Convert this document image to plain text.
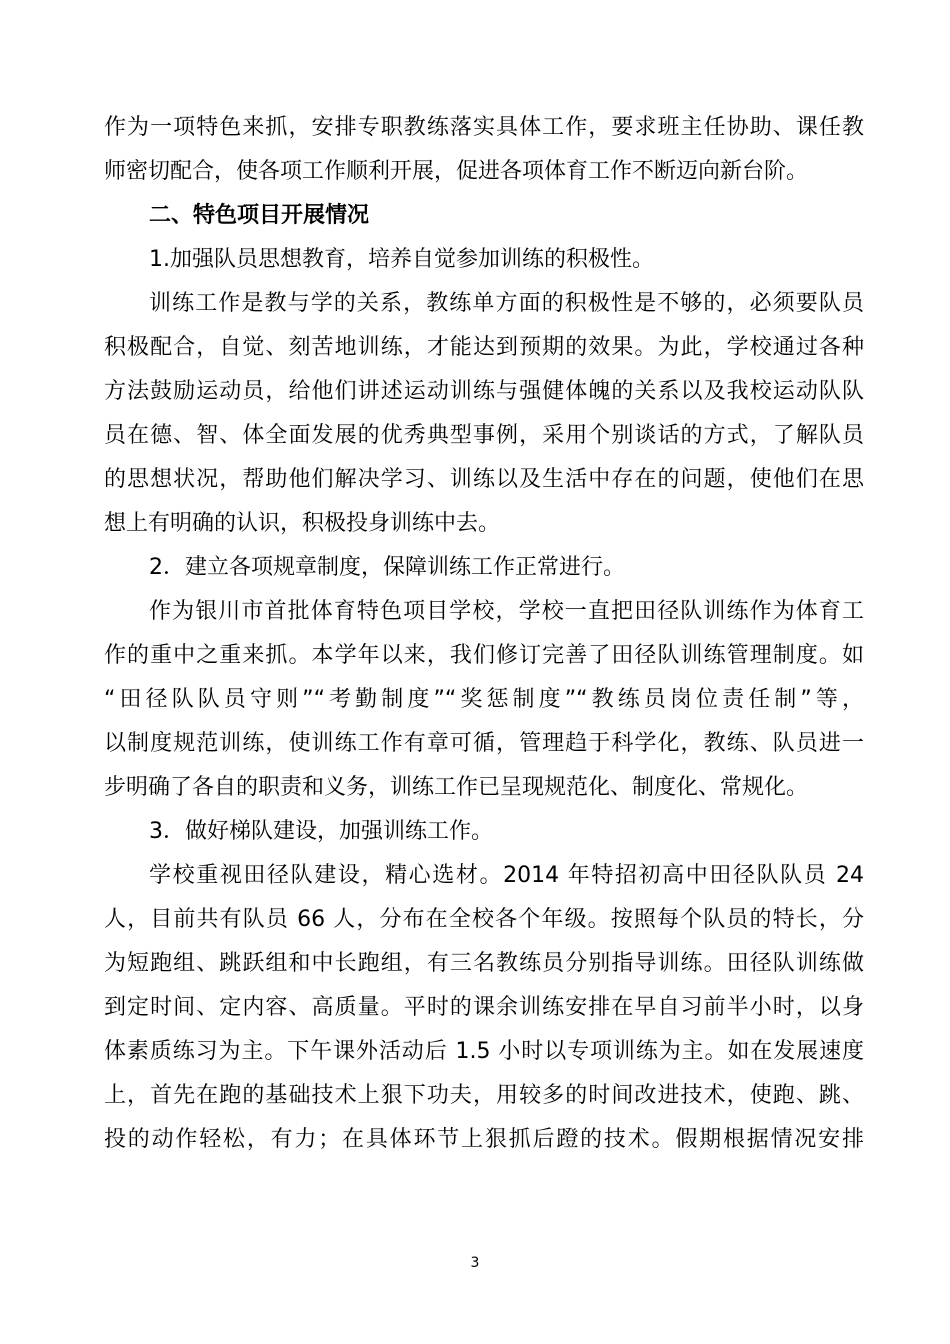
作为一项特色来抓，安排专职教练落实具体工作，要求班主任协助、课任教

师密切配合，使各项工作顺利开展，促进各项体育工作不断迈向新台阶。

二、特色项目开展情况

1.加强队员思想教育，培养自觉参加训练的积极性。

训练工作是教与学的关系，教练单方面的积极性是不够的，必须要队员

积极配合，自觉、刻苦地训练，才能达到预期的效果。为此，学校通过各种

方法鼓励运动员，给他们讲述运动训练与强健体魄的关系以及我校运动队队

员在德、智、体全面发展的优秀典型事例，采用个别谈话的方式，了解队员

的思想状况，帮助他们解决学习、训练以及生活中存在的问题，使他们在思

想上有明确的认识，积极投身训练中去。

2．建立各项规章制度，保障训练工作正常进行。

作为银川市首批体育特色项目学校，学校一直把田径队训练作为体育工

作的重中之重来抓。本学年以来，我们修订完善了田径队训练管理制度。如

“田径队队员守则”“考勤制度”“奖惩制度”“教练员岗位责任制”等，

以制度规范训练，使训练工作有章可循，管理趋于科学化，教练、队员进一

步明确了各自的职责和义务，训练工作已呈现规范化、制度化、常规化。

3．做好梯队建设，加强训练工作。

学校重视田径队建设，精心选材。2014 年特招初高中田径队队员 24

人，目前共有队员 66 人，分布在全校各个年级。按照每个队员的特长，分

为短跑组、跳跃组和中长跑组，有三名教练员分别指导训练。田径队训练做

到定时间、定内容、高质量。平时的课余训练安排在早自习前半小时，以身

体素质练习为主。下午课外活动后 1.5 小时以专项训练为主。如在发展速度

上，首先在跑的基础技术上狠下功夫，用较多的时间改进技术，使跑、跳、

投的动作轻松，有力；在具体环节上狠抓后蹬的技术。假期根据情况安排

3
